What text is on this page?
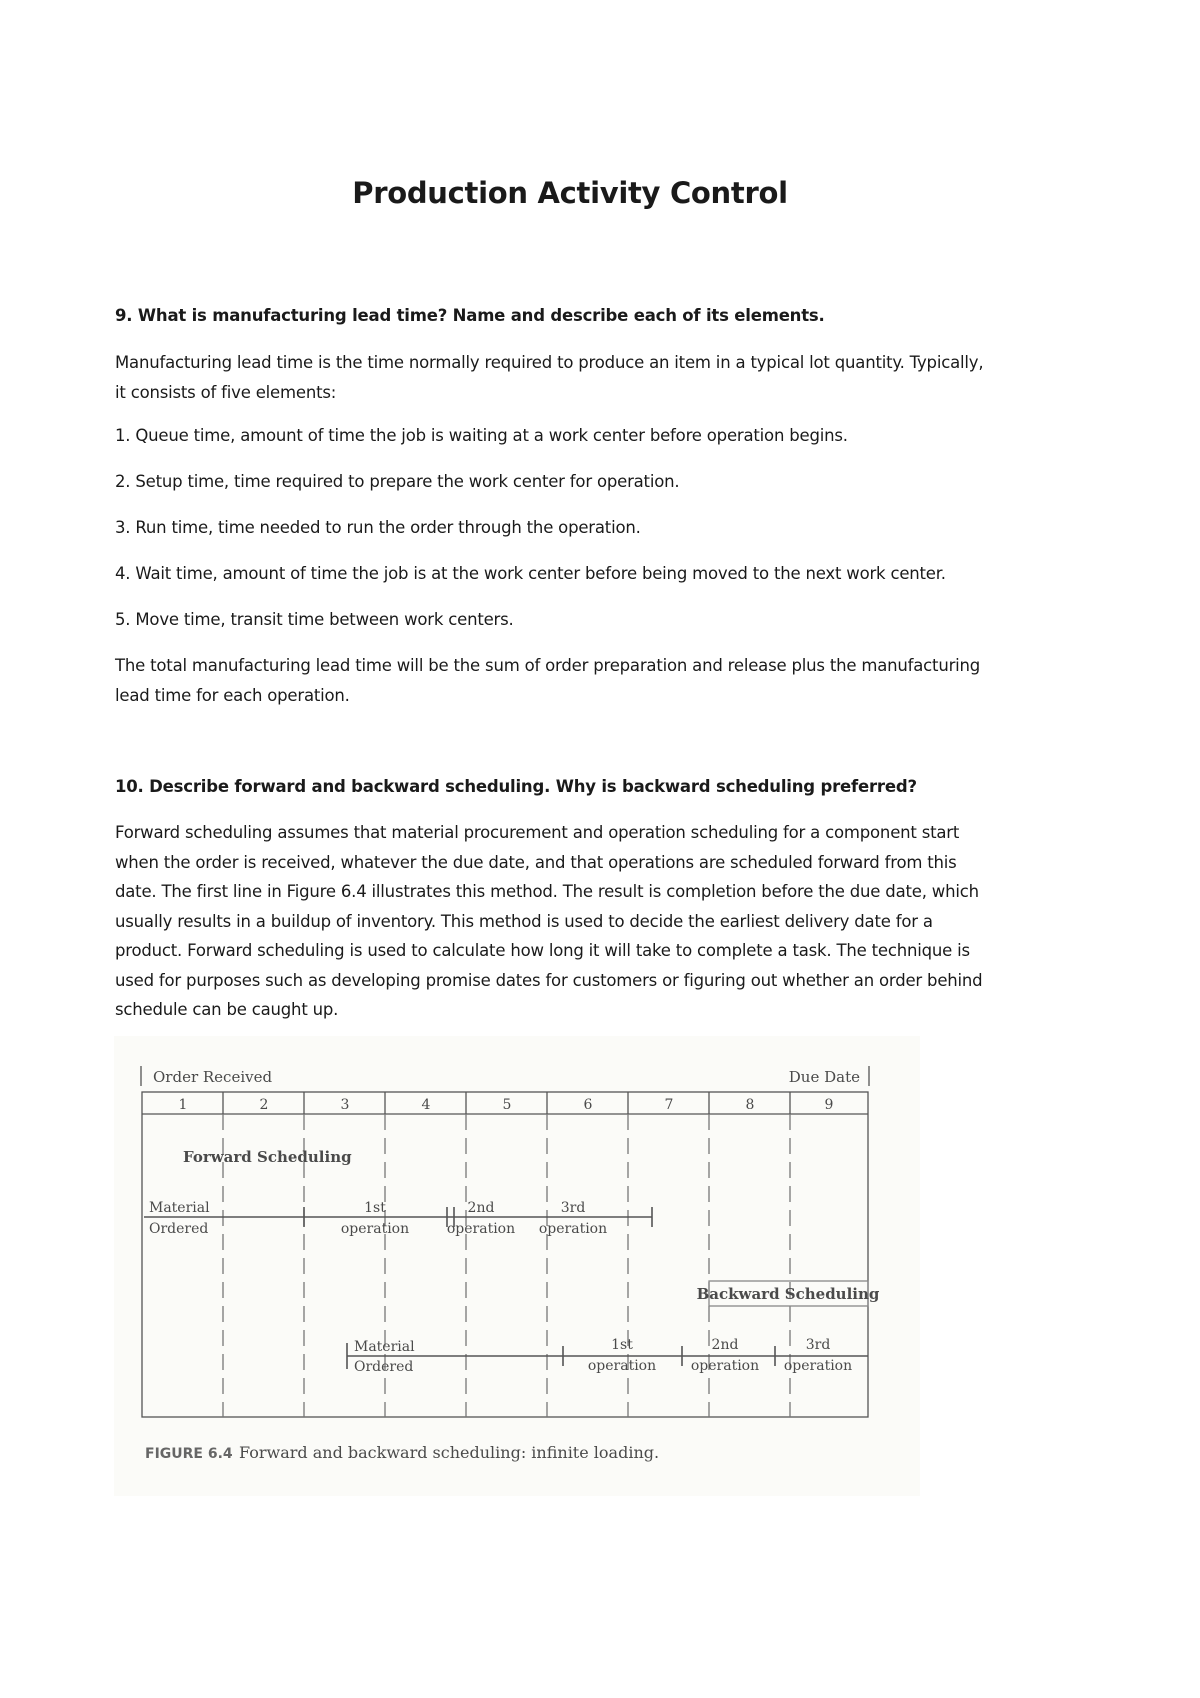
Production Activity Control
9. What is manufacturing lead time? Name and describe each of its elements.
Manufacturing lead time is the time normally required to produce an item in a typical lot quantity. Typically,
it consists of five elements:
1. Queue time, amount of time the job is waiting at a work center before operation begins.
2. Setup time, time required to prepare the work center for operation.
3. Run time, time needed to run the order through the operation.
4. Wait time, amount of time the job is at the work center before being moved to the next work center.
5. Move time, transit time between work centers.
The total manufacturing lead time will be the sum of order preparation and release plus the manufacturing
lead time for each operation.
10. Describe forward and backward scheduling. Why is backward scheduling preferred?
Forward scheduling assumes that material procurement and operation scheduling for a component start
when the order is received, whatever the due date, and that operations are scheduled forward from this
date. The first line in Figure 6.4 illustrates this method. The result is completion before the due date, which
usually results in a buildup of inventory. This method is used to decide the earliest delivery date for a
product. Forward scheduling is used to calculate how long it will take to complete a task. The technique is
used for purposes such as developing promise dates for customers or figuring out whether an order behind
schedule can be caught up.
Order Received	Due Date
1	2	3	4	5	6	7	8	9
Forward Scheduling
Material
Ordered
1st
operation
2nd
operation
3rd
operation
Backward Scheduling
Material
Ordered
1st
operation
2nd
operation
3rd
operation
FIGURE 6.4 Forward and backward scheduling: infinite loading.
